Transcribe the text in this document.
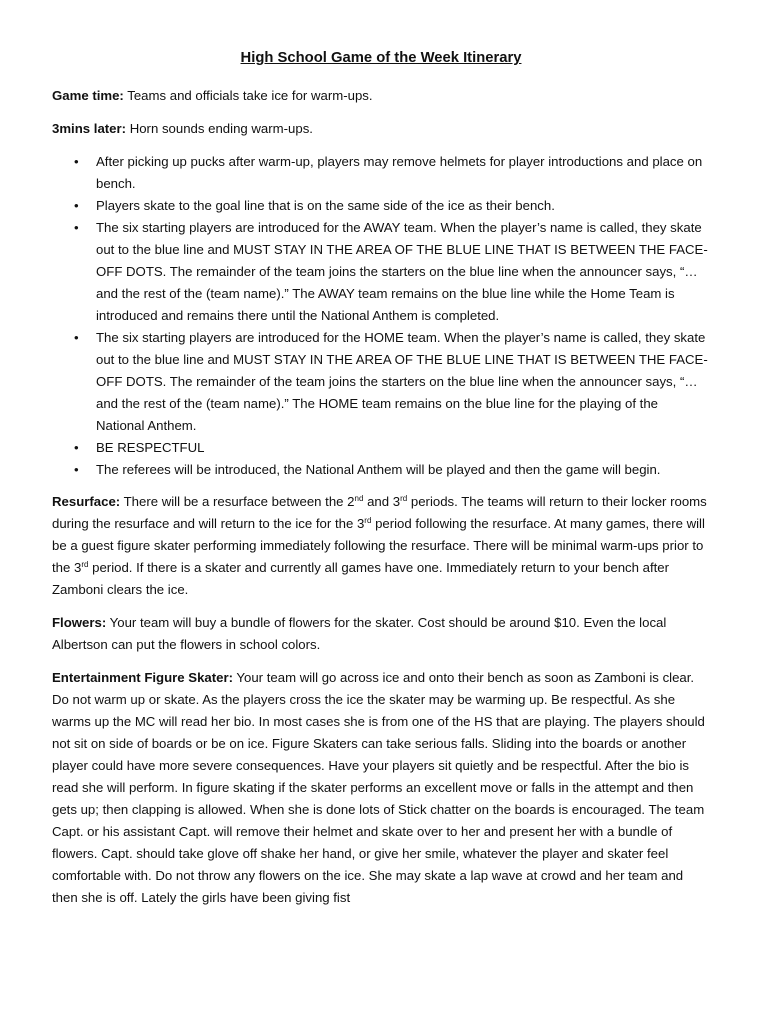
High School Game of the Week Itinerary

Game time: Teams and officials take ice for warm-ups.

3mins later: Horn sounds ending warm-ups.

• After picking up pucks after warm-up, players may remove helmets for player introductions and place on bench.
• Players skate to the goal line that is on the same side of the ice as their bench.
• The six starting players are introduced for the AWAY team. When the player’s name is called, they skate out to the blue line and MUST STAY IN THE AREA OF THE BLUE LINE THAT IS BETWEEN THE FACE-OFF DOTS. The remainder of the team joins the starters on the blue line when the announcer says, “…and the rest of the (team name).” The AWAY team remains on the blue line while the Home Team is introduced and remains there until the National Anthem is completed.
• The six starting players are introduced for the HOME team. When the player’s name is called, they skate out to the blue line and MUST STAY IN THE AREA OF THE BLUE LINE THAT IS BETWEEN THE FACE-OFF DOTS. The remainder of the team joins the starters on the blue line when the announcer says, “…and the rest of the (team name).” The HOME team remains on the blue line for the playing of the National Anthem.
• BE RESPECTFUL
• The referees will be introduced, the National Anthem will be played and then the game will begin.

Resurface: There will be a resurface between the 2nd and 3rd periods. The teams will return to their locker rooms during the resurface and will return to the ice for the 3rd period following the resurface. At many games, there will be a guest figure skater performing immediately following the resurface. There will be minimal warm-ups prior to the 3rd period. If there is a skater and currently all games have one. Immediately return to your bench after Zamboni clears the ice.

Flowers: Your team will buy a bundle of flowers for the skater. Cost should be around $10. Even the local Albertson can put the flowers in school colors.

Entertainment Figure Skater: Your team will go across ice and onto their bench as soon as Zamboni is clear. Do not warm up or skate. As the players cross the ice the skater may be warming up. Be respectful. As she warms up the MC will read her bio. In most cases she is from one of the HS that are playing. The players should not sit on side of boards or be on ice. Figure Skaters can take serious falls. Sliding into the boards or another player could have more severe consequences. Have your players sit quietly and be respectful. After the bio is read she will perform. In figure skating if the skater performs an excellent move or falls in the attempt and then gets up; then clapping is allowed. When she is done lots of Stick chatter on the boards is encouraged. The team Capt. or his assistant Capt. will remove their helmet and skate over to her and present her with a bundle of flowers. Capt. should take glove off shake her hand, or give her smile, whatever the player and skater feel comfortable with. Do not throw any flowers on the ice. She may skate a lap wave at crowd and her team and then she is off. Lately the girls have been giving fist
